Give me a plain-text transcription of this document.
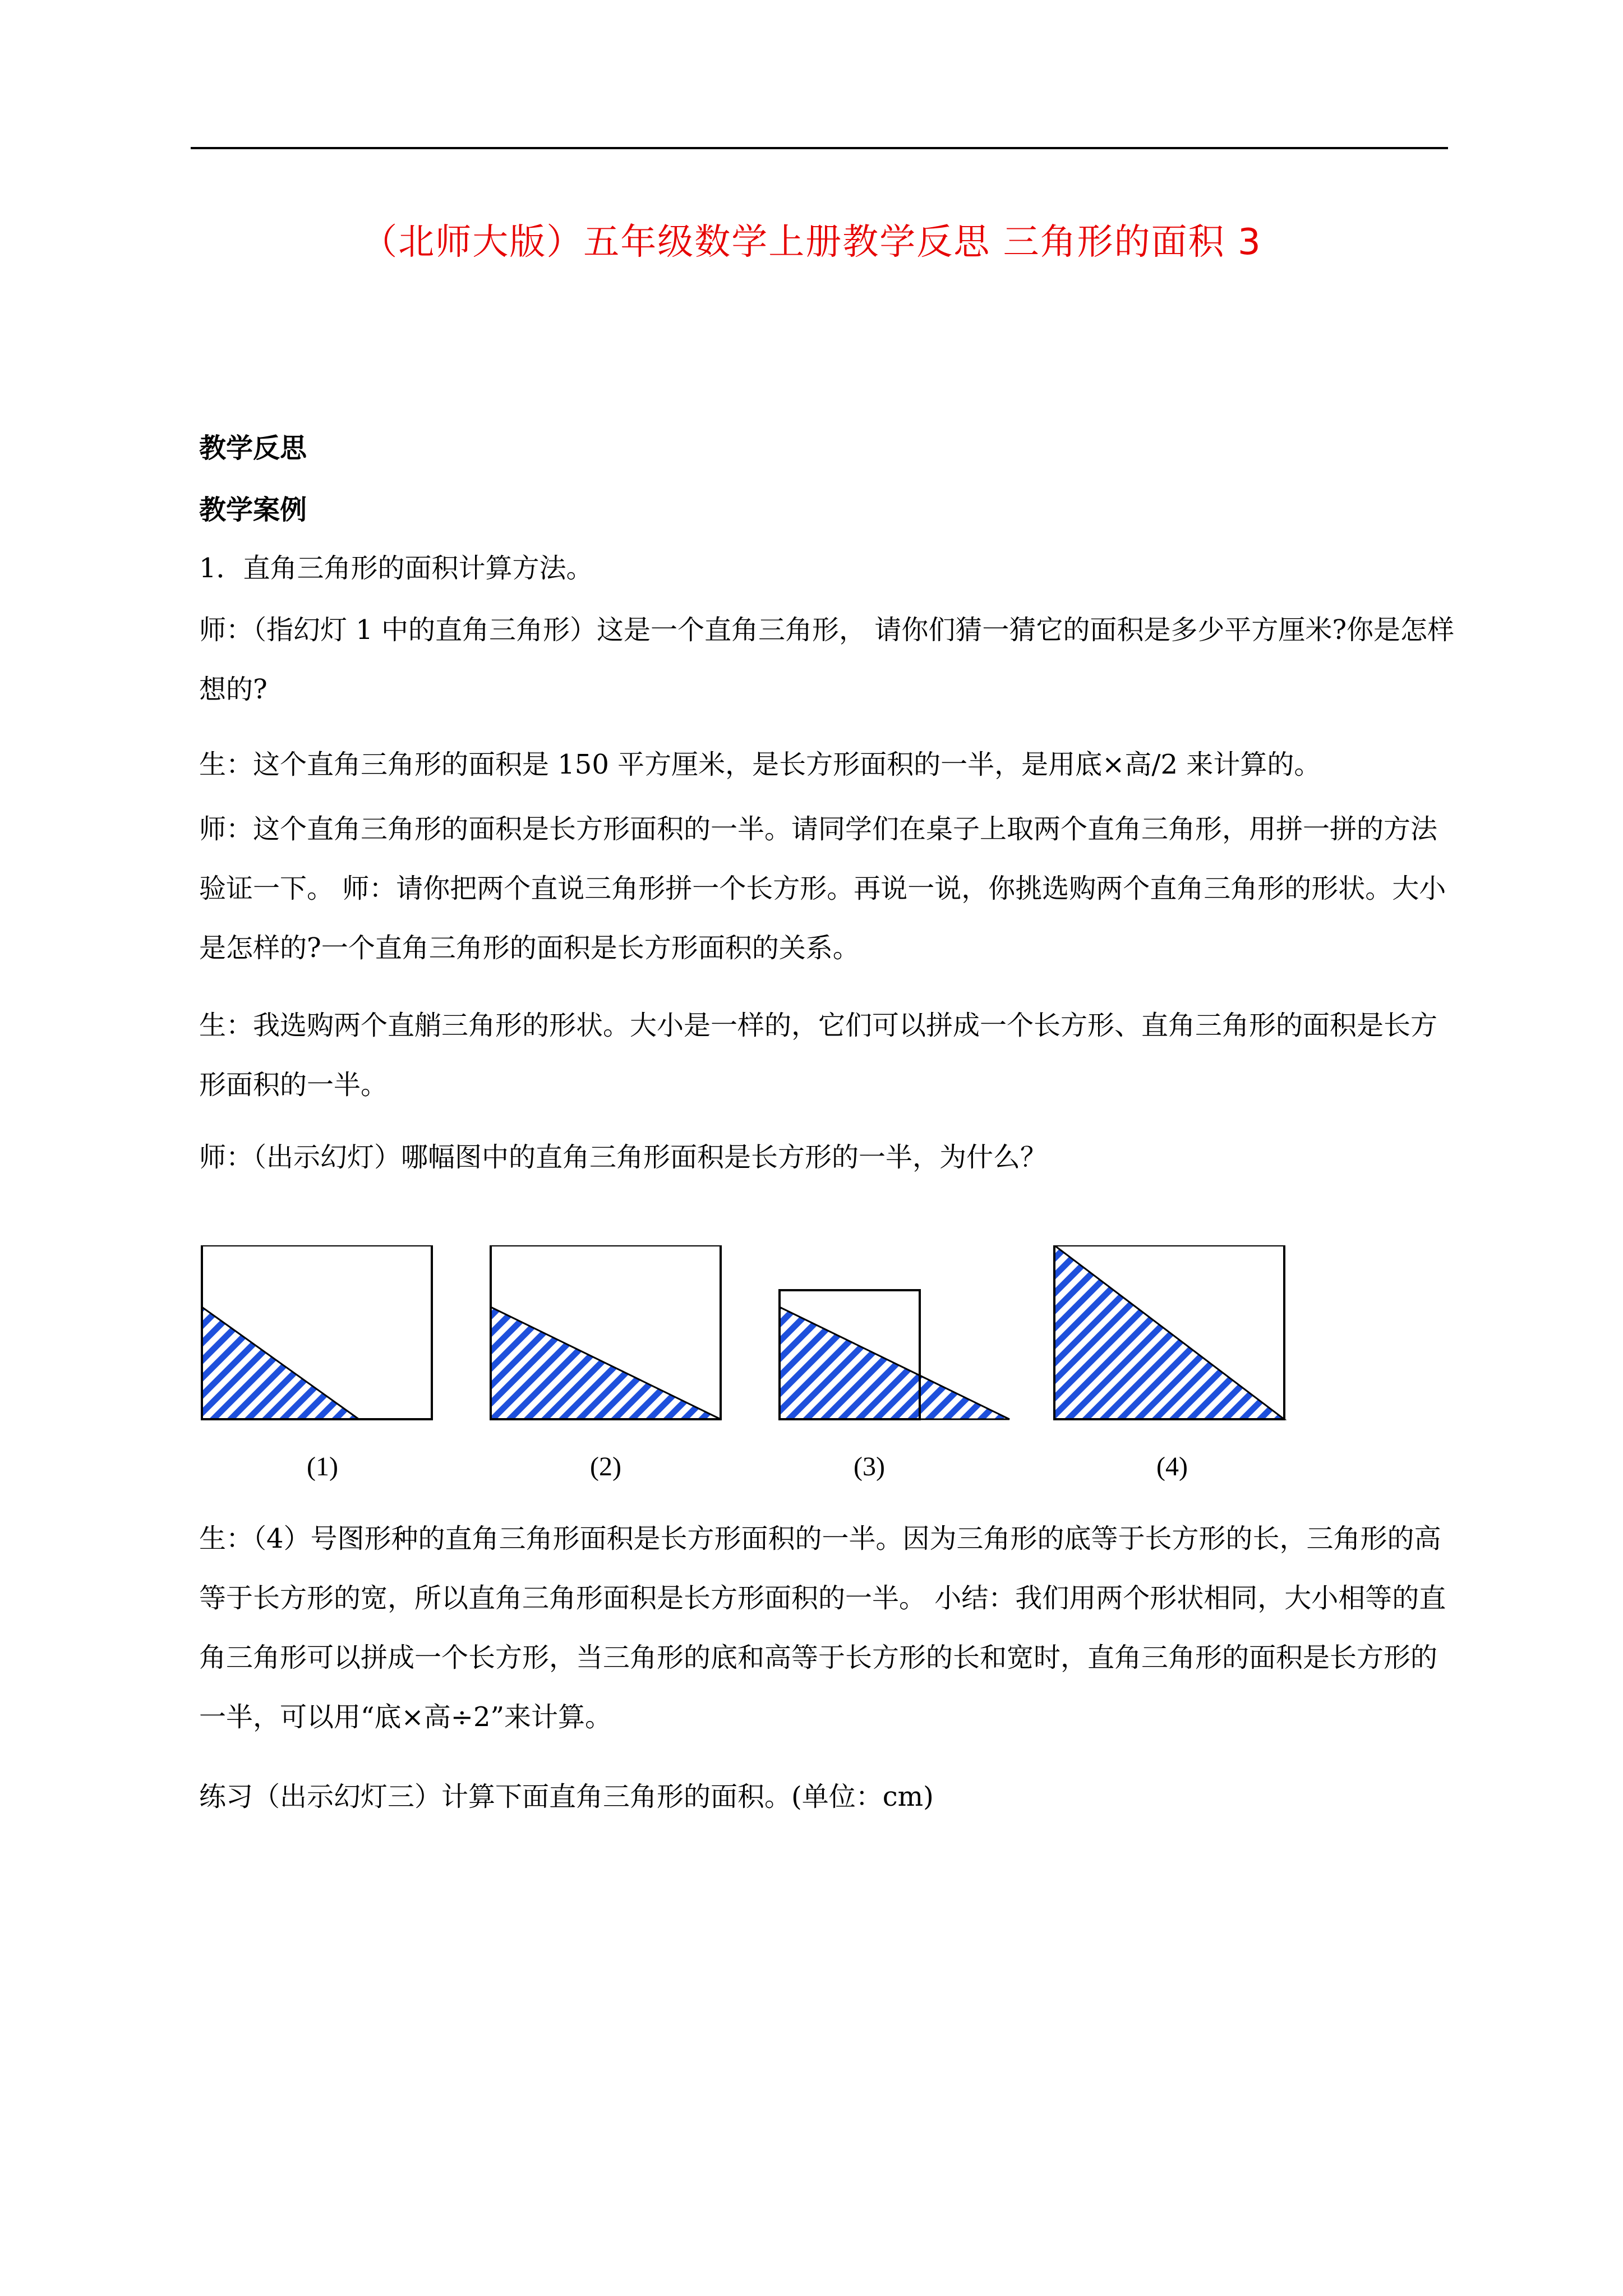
（北师大版）五年级数学上册教学反思 三角形的面积 3
教学反思
教学案例

1．直角三角形的面积计算方法。

师：（指幻灯 1 中的直角三角形）这是一个直角三角形， 请你们猜一猜它的面积是多少平方厘米?你是怎样想的?

生：这个直角三角形的面积是 150 平方厘米，是长方形面积的一半，是用底×高/2 来计算的。

师：这个直角三角形的面积是长方形面积的一半。请同学们在桌子上取两个直角三角形，用拼一拼的方法验证一下。 师：请你把两个直说三角形拼一个长方形。再说一说，你挑选购两个直角三角形的形状。大小是怎样的?一个直角三角形的面积是长方形面积的关系。

生：我选购两个直艄三角形的形状。大小是一样的，它们可以拼成一个长方形、直角三角形的面积是长方形面积的一半。

师：（出示幻灯）哪幅图中的直角三角形面积是长方形的一半，为什么？

(1)	(2)	(3)	(4)

生：（4）号图形种的直角三角形面积是长方形面积的一半。因为三角形的底等于长方形的长，三角形的高等于长方形的宽，所以直角三角形面积是长方形面积的一半。 小结：我们用两个形状相同，大小相等的直角三角形可以拼成一个长方形，当三角形的底和高等于长方形的长和宽时，直角三角形的面积是长方形的一半，可以用“底×高÷2”来计算。

练习（出示幻灯三）计算下面直角三角形的面积。(单位：cm)
